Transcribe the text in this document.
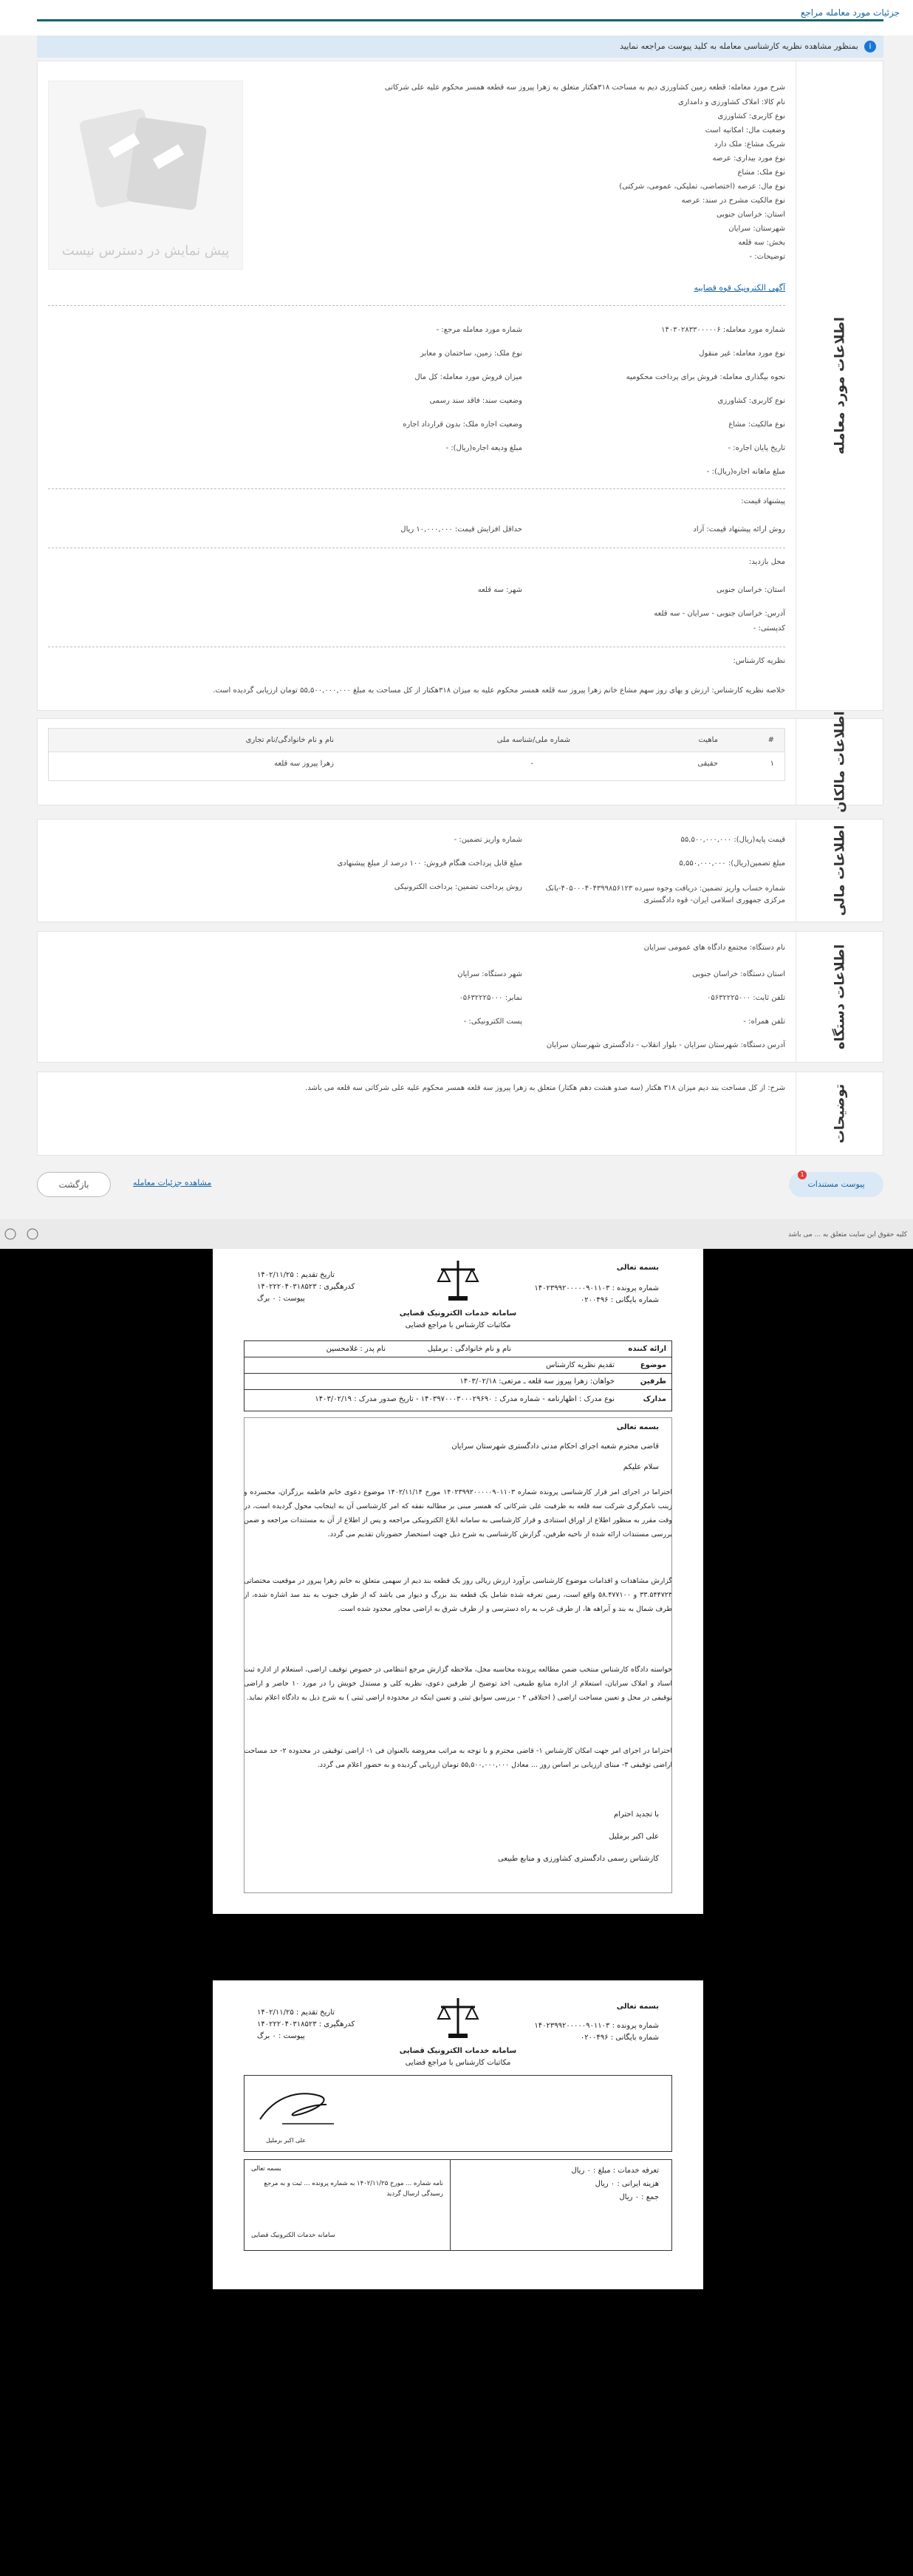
جزئیات مورد معامله مراجع
i
بمنظور مشاهده نظریه کارشناسی معامله به کلید پیوست مراجعه نمایید
اطلاعات مورد معامله
پیش نمایش در دسترس نیست
شرح مورد معامله: قطعه زمین کشاورزی دیم به مساحت ۳۱۸هکتار متعلق به زهرا پیروز سه قطعه همسر محکوم علیه علی شرکاتی
نام کالا: املاک کشاورزی و دامداری
نوع کاربری: کشاورزی
وضعیت مال: امکانیه است
شریک مشاع: ملک دارد
نوع مورد بیداری: عرصه
نوع ملک: مشاع
نوع مال: عرصه (اختصاصی، تملیکی، عمومی، شرکتی)
نوع مالکیت مشرح در سند: عرصه
استان: خراسان جنوبی
شهرستان: سرایان
بخش: سه قلعه
توضیحات: -
آگهی الکترونیک قوه قضاییه
شماره مورد معامله: ۱۴۰۳۰۲۸۳۳۰۰۰۰۰۶
شماره مورد معامله مرجع: -
نوع مورد معامله: غیر منقول
نوع ملک: زمین، ساختمان و معابر
نحوه بیگذاری معامله: فروش برای پرداخت محکومیه
میزان فروش مورد معامله: کل مال
نوع کاربری: کشاورزی
وضعیت سند: فاقد سند رسمی
نوع مالکیت: مشاع
وضعیت اجاره ملک: بدون قرارداد اجاره
تاریخ پایان اجاره: -
مبلغ ودیعه اجاره(ریال): -
مبلغ ماهانه اجاره(ریال): -
پیشنهاد قیمت:
روش ارائه پیشنهاد قیمت: آزاد
حداقل افزایش قیمت: ۱۰,۰۰۰,۰۰۰ ریال
محل بازدید:
استان: خراسان جنوبی
شهر: سه قلعه
آدرس: خراسان جنوبی - سرایان - سه قلعه
کدپستی: -
نظریه کارشناس:
خلاصه نظریه کارشناس: ارزش و بهای روز سهم مشاع خانم زهرا پیروز سه قلعه همسر محکوم علیه به میزان ۳۱۸هکتار از کل مساحت به مبلغ ۵۵,۵۰۰,۰۰۰,۰۰۰ تومان ارزیابی گردیده است.
اطلاعات مالکان
#
ماهیت
شماره ملی/شناسه ملی
نام و نام خانوادگی/نام تجاری
۱
حقیقی
-
زهرا پیروز سه قلعه
اطلاعات مالی
قیمت پایه(ریال): ۵۵,۵۰۰,۰۰۰,۰۰۰
شماره واریز تضمین: -
مبلغ تضمین(ریال): ۵,۵۵۰,۰۰۰,۰۰۰
مبلغ قابل پرداخت هنگام فروش: ۱۰۰ درصد از مبلغ پیشنهادی
شماره حساب واریز تضمین: دریافت وجوه سپرده ۴۰۵۰۰۰۴۰۴۳۹۹۸۵۶۱۲۳-بانک مرکزی جمهوری اسلامی ایران- قوه دادگستری
روش پرداخت تضمین: پرداخت الکترونیکی
اطلاعات دستگاه
نام دستگاه: مجتمع دادگاه های عمومی سرایان
استان دستگاه: خراسان جنوبی
شهر دستگاه: سرایان
تلفن ثابت: ۰۵۶۳۲۲۲۵۰۰۰
نمابر: ۰۵۶۳۲۲۲۵۰۰۰
تلفن همراه: -
پست الکترونیکی: -
آدرس دستگاه: شهرستان سرایان - بلوار انقلاب - دادگستری شهرستان سرایان
توضیحات
شرح: از کل مساحت بند دیم میزان ۳۱۸ هکتار (سه صدو هشت دهم هکتار) متعلق به زهرا پیروز سه قلعه همسر محکوم علیه علی شرکاتی سه قلعه می باشد.
بازگشت	مشاهده جزئیات معامله
1
پیوست مستندات
کلیه حقوق این سایت متعلق به ... می باشد
بسمه تعالی
شماره پرونده : ۱۴۰۲۳۹۹۲۰۰۰۰۰۹۰۱۱۰۳
شماره بایگانی : ۰۲۰۰۴۹۶
سامانه خدمات الکترونیک قضایی
مکاتبات کارشناس با مراجع قضایی
تاریخ تقدیم : ۱۴۰۲/۱۱/۲۵
کدرهگیری : ۱۴۰۲۲۲۰۴۰۳۱۸۵۲۳
پیوست : ۰ برگ
ارائه کننده
نام و نام خانوادگی : برملیل
نام پدر : غلامحسین
موضوع
تقدیم نظریه کارشناس
طرفین
خواهان: زهرا پیروز سه قلعه ـ مرتعی: ۱۴۰۳/۰۲/۱۸
مدارک
نوع مدرک : اظهارنامه - شماره مدرک : ۱۴۰۳۹۷۰۰۰۳۰۰۰۲۹۶۹۰ - تاریخ صدور مدرک : ۱۴۰۳/۰۲/۱۹
بسمه تعالی
قاضی محترم شعبه اجرای احکام مدنی دادگستری شهرستان سرایان
سلام علیکم
احتراما در اجرای امر قرار کارشناسی پرونده شماره ۱۴۰۲۳۹۹۲۰۰۰۰۰۹۰۱۱۰۳ مورخ ۱۴۰۲/۱۱/۱۴ موضوع دعوی خانم فاطمه برزگران، محسرده و زینب نامکرگری شرکت سه قلعه به طرفیت علی شرکاتی که همسر مبنی بر مطالبه نفقه که امر کارشناسی آن به اینجانب محول گردیده است، در وقت مقرر به منظور اطلاع از اوراق استنادی و قرار کارشناسی به سامانه ابلاغ الکترونیکی مراجعه و پس از اطلاع از آن به مستندات مراجعه و ضمن بررسی مستندات ارائه شده از ناحیه طرفین، گزارش کارشناسی به شرح ذیل جهت استحضار حضورتان تقدیم می گردد.
گزارش مشاهدات و اقدامات موضوع کارشناسی برآورد ارزش ریالی روز یک قطعه بند دیم از سهمی متعلق به خانم زهرا پیروز در موقعیت مختصاتی ۳۳.۵۴۴۷۲۳ و ۵۸.۴۷۷۱۰۰ واقع است، زمین تعرفه شده شامل یک قطعه بند بزرگ و دیوار می باشد که از طرف جنوب به بند سد اشاره شده، از طرف شمال به بند و آبراهه ها، از طرف غرب به راه دسترسی و از طرف شرق به اراضی مجاور محدود شده است.
خواسته دادگاه کارشناس منتخب ضمن مطالعه پرونده محاسبه محل، ملاحظه گزارش مرجع انتظامی در خصوص توقیف اراضی، استعلام از اداره ثبت اسناد و املاک سرایان، استعلام از اداره منابع طبیعی، اخذ توضیح از طرفین دعوی، نظریه کلی و مستدل خویش را در مورد ۱۰ حاضر و اراضی توقیفی در محل و تعیین مساحت اراضی ( اختلافی ۲ - بررسی سوابق ثبتی و تعیین اینکه در محدوده اراضی ثبتی ) به شرح ذیل به دادگاه اعلام نماید.
احتراما در اجرای امر جهت امکان کارشناس ۱- قاضی محترم و با توجه به مراتب معروضه بالعنوان فی ۱- اراضی توقیفی در محدوده ۲- حد مساحت اراضی توقیفی ۳- مبنای ارزیابی بر اساس روز ... معادل ۵۵,۵۰۰,۰۰۰,۰۰۰ تومان ارزیابی گردیده و به حضور اعلام می گردد.
با تجدید احترام
علی اکبر برملیل
کارشناس رسمی دادگستری کشاورزی و منابع طبیعی
بسمه تعالی
شماره پرونده : ۱۴۰۲۳۹۹۲۰۰۰۰۰۹۰۱۱۰۳
شماره بایگانی : ۰۲۰۰۴۹۶
سامانه خدمات الکترونیک قضایی
مکاتبات کارشناس با مراجع قضایی
تاریخ تقدیم : ۱۴۰۲/۱۱/۲۵
کدرهگیری : ۱۴۰۲۲۲۰۴۰۳۱۸۵۲۳
پیوست : ۰ برگ
علی اکبر برملیل
تعرفه خدمات : مبلغ : ۰ ریال
هزینه ایرانی : ۰ ریال
جمع : ۰ ریال
بسمه تعالی
نامه شماره ... مورخ ۱۴۰۲/۱۱/۲۵ به شماره پرونده ... ثبت و به مرجع رسیدگی ارسال گردید
سامانه خدمات الکترونیک قضایی
